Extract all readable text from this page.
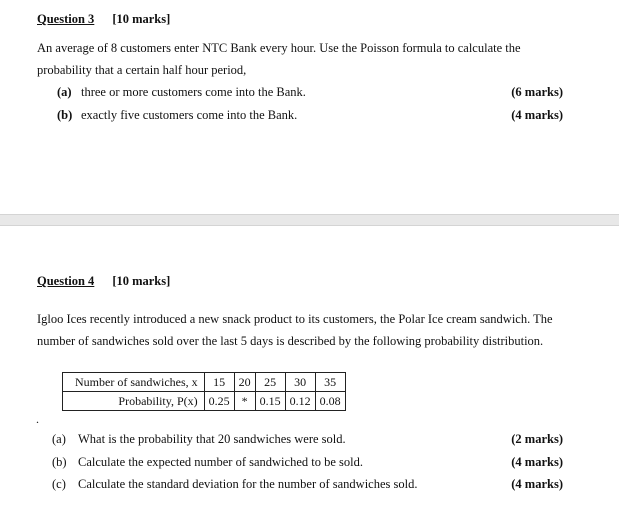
Question 3 [10 marks]
An average of 8 customers enter NTC Bank every hour. Use the Poisson formula to calculate the
probability that a certain half hour period,
(a) three or more customers come into the Bank.	(6 marks)
(b) exactly five customers come into the Bank.	(4 marks)
Question 4 [10 marks]
Igloo Ices recently introduced a new snack product to its customers, the Polar Ice cream sandwich. The
number of sandwiches sold over the last 5 days is described by the following probability distribution.
Number of sandwiches, x	15	20	25	30	35
Probability, P(x)	0.25	*	0.15	0.12	0.08
.
(a) What is the probability that 20 sandwiches were sold.	(2 marks)
(b) Calculate the expected number of sandwiched to be sold.	(4 marks)
(c) Calculate the standard deviation for the number of sandwiches sold.	(4 marks)
